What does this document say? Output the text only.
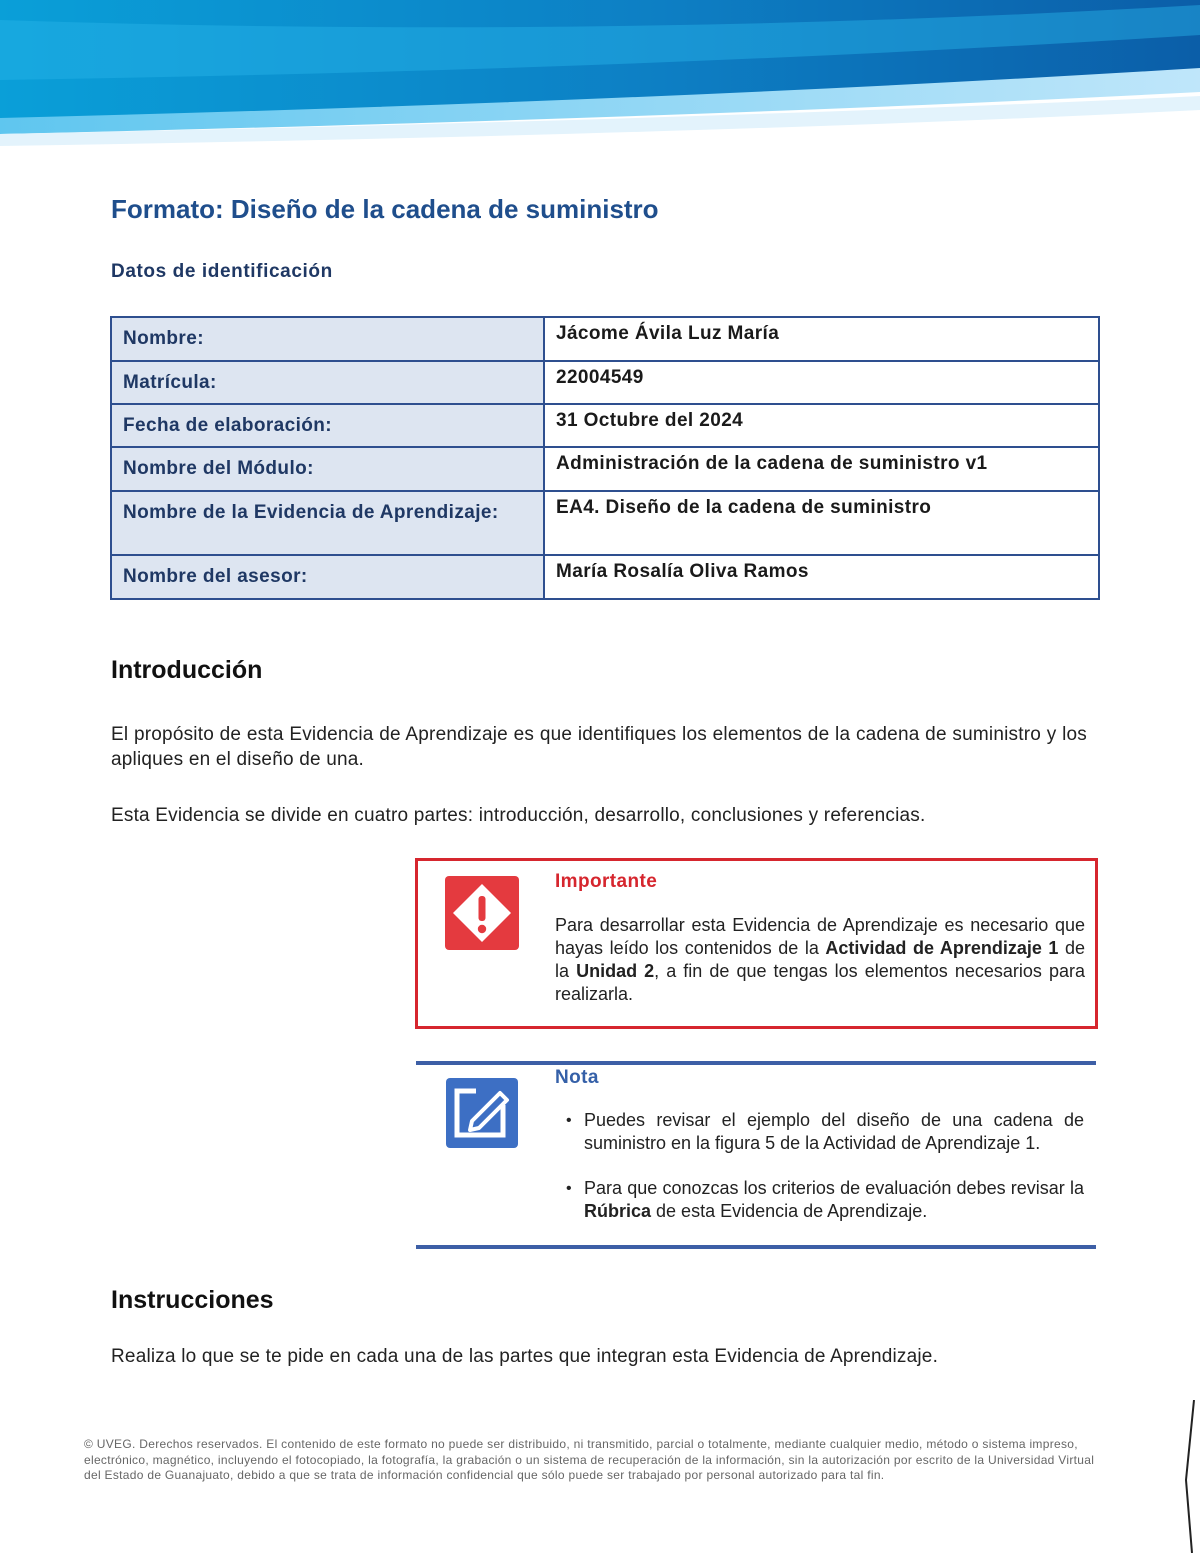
Formato: Diseño de la cadena de suministro
Datos de identificación
Nombre:	Jácome Ávila Luz María
Matrícula:	22004549
Fecha de elaboración:	31 Octubre del 2024
Nombre del Módulo:	Administración de la cadena de suministro v1
Nombre de la Evidencia de Aprendizaje:	EA4. Diseño de la cadena de suministro
Nombre del asesor:	María Rosalía Oliva Ramos
Introducción

El propósito de esta Evidencia de Aprendizaje es que identifiques los elementos de la cadena de suministro y los apliques en el diseño de una.

Esta Evidencia se divide en cuatro partes: introducción, desarrollo, conclusiones y referencias.

Importante

Para desarrollar esta Evidencia de Aprendizaje es necesario que hayas leído los contenidos de la Actividad de Aprendizaje 1 de la Unidad 2, a fin de que tengas los elementos necesarios para realizarla.

Nota
• Puedes revisar el ejemplo del diseño de una cadena de suministro en la figura 5 de la Actividad de Aprendizaje 1.
• Para que conozcas los criterios de evaluación debes revisar la Rúbrica de esta Evidencia de Aprendizaje.
Instrucciones

Realiza lo que se te pide en cada una de las partes que integran esta Evidencia de Aprendizaje.

© UVEG. Derechos reservados. El contenido de este formato no puede ser distribuido, ni transmitido, parcial o totalmente, mediante cualquier medio, método o sistema impreso, electrónico, magnético, incluyendo el fotocopiado, la fotografía, la grabación o un sistema de recuperación de la información, sin la autorización por escrito de la Universidad Virtual del Estado de Guanajuato, debido a que se trata de información confidencial que sólo puede ser trabajado por personal autorizado para tal fin.
